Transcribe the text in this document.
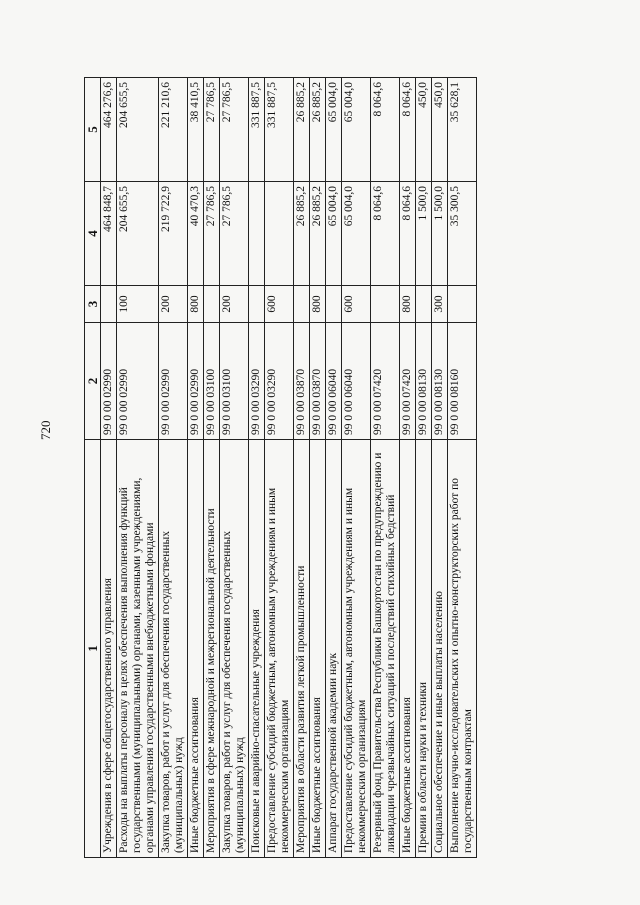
720
1	2	3	4	5
Учреждения в сфере общегосударственного управления	99 0 00 02990		464 848,7	464 276,6
Расходы на выплаты персоналу в целях обеспечения выполнения функций государственными (муниципальными) органами, казенными учреждениями, органами управления государственными внебюджетными фондами	99 0 00 02990	100	204 655,5	204 655,5
Закупка товаров, работ и услуг для обеспечения государственных (муниципальных) нужд	99 0 00 02990	200	219 722,9	221 210,6
Иные бюджетные ассигнования	99 0 00 02990	800	40 470,3	38 410,5
Мероприятия в сфере межнародной и межрегиональной деятельности	99 0 00 03100		27 786,5	27 786,5
Закупка товаров, работ и услуг для обеспечения государственных (муниципальных) нужд	99 0 00 03100	200	27 786,5	27 786,5
Поисковые и аварийно-спасательные учреждения	99 0 00 03290			331 887,5
Предоставление субсидий бюджетным, автономным учреждениям и иным некоммерческим организациям	99 0 00 03290	600		331 887,5
Мероприятия в области развития легкой промышленности	99 0 00 03870		26 885,2	26 885,2
Иные бюджетные ассигнования	99 0 00 03870	800	26 885,2	26 885,2
Аппарат государственной академии наук	99 0 00 06040		65 004,0	65 004,0
Предоставление субсидий бюджетным, автономным учреждениям и иным некоммерческим организациям	99 0 00 06040	600	65 004,0	65 004,0
Резервный фонд Правительства Республики Башкортостан по предупреждению и ликвидации чрезвычайных ситуаций и последствий стихийных бедствий	99 0 00 07420		8 064,6	8 064,6
Иные бюджетные ассигнования	99 0 00 07420	800	8 064,6	8 064,6
Премии в области науки и техники	99 0 00 08130		1 500,0	450,0
Социальное обеспечение и иные выплаты населению	99 0 00 08130	300	1 500,0	450,0
Выполнение научно-исследовательских и опытно-конструкторских работ по государственным контрактам	99 0 00 08160		35 300,5	35 628,1
